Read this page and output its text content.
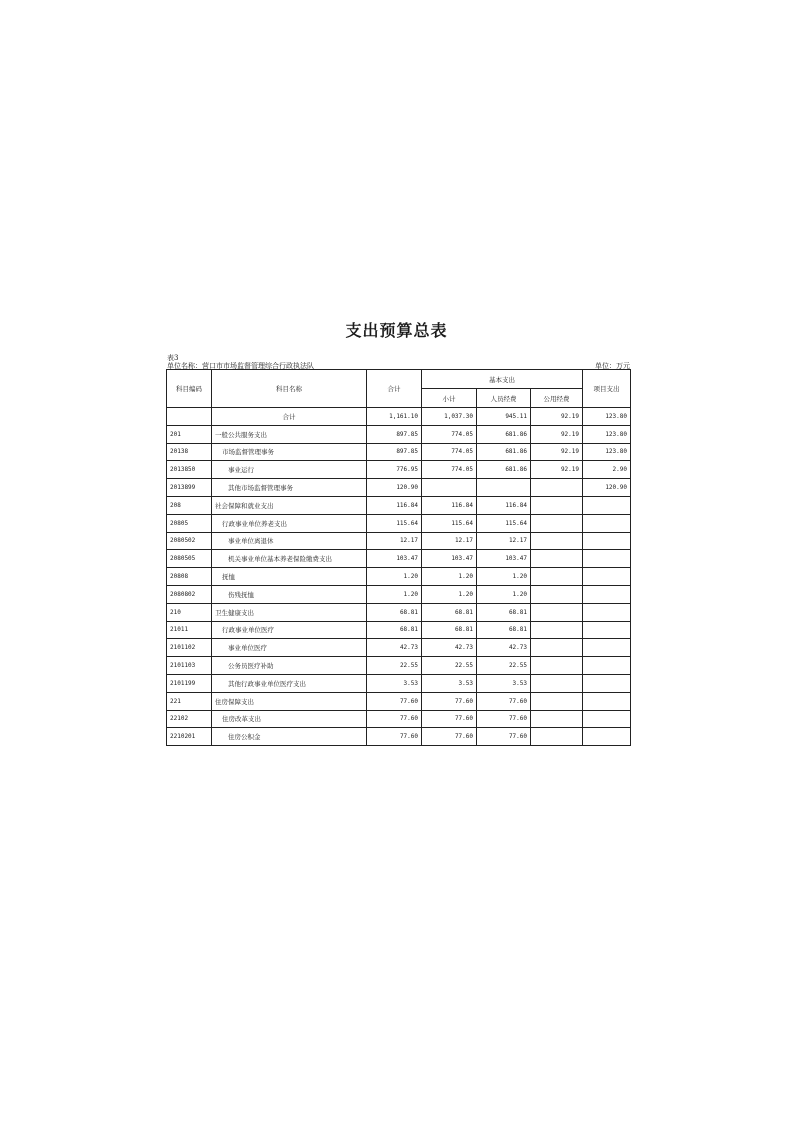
支出预算总表
表3
单位名称：营口市市场监督管理综合行政执法队	单位：万元
科目编码	科目名称	合计	基本支出			项目支出
			小计	人员经费	公用经费	
	合计	1,161.10	1,037.30	945.11	92.19	123.80
201	一般公共服务支出	897.85	774.05	681.86	92.19	123.80
20138	市场监督管理事务	897.85	774.05	681.86	92.19	123.80
2013850	事业运行	776.95	774.05	681.86	92.19	2.90
2013899	其他市场监督管理事务	120.90				120.90
208	社会保障和就业支出	116.84	116.84	116.84		
20805	行政事业单位养老支出	115.64	115.64	115.64		
2080502	事业单位离退休	12.17	12.17	12.17		
2080505	机关事业单位基本养老保险缴费支出	103.47	103.47	103.47		
20808	抚恤	1.20	1.20	1.20		
2080802	伤残抚恤	1.20	1.20	1.20		
210	卫生健康支出	68.81	68.81	68.81		
21011	行政事业单位医疗	68.81	68.81	68.81		
2101102	事业单位医疗	42.73	42.73	42.73		
2101103	公务员医疗补助	22.55	22.55	22.55		
2101199	其他行政事业单位医疗支出	3.53	3.53	3.53		
221	住房保障支出	77.60	77.60	77.60		
22102	住房改革支出	77.60	77.60	77.60		
2210201	住房公积金	77.60	77.60	77.60		
